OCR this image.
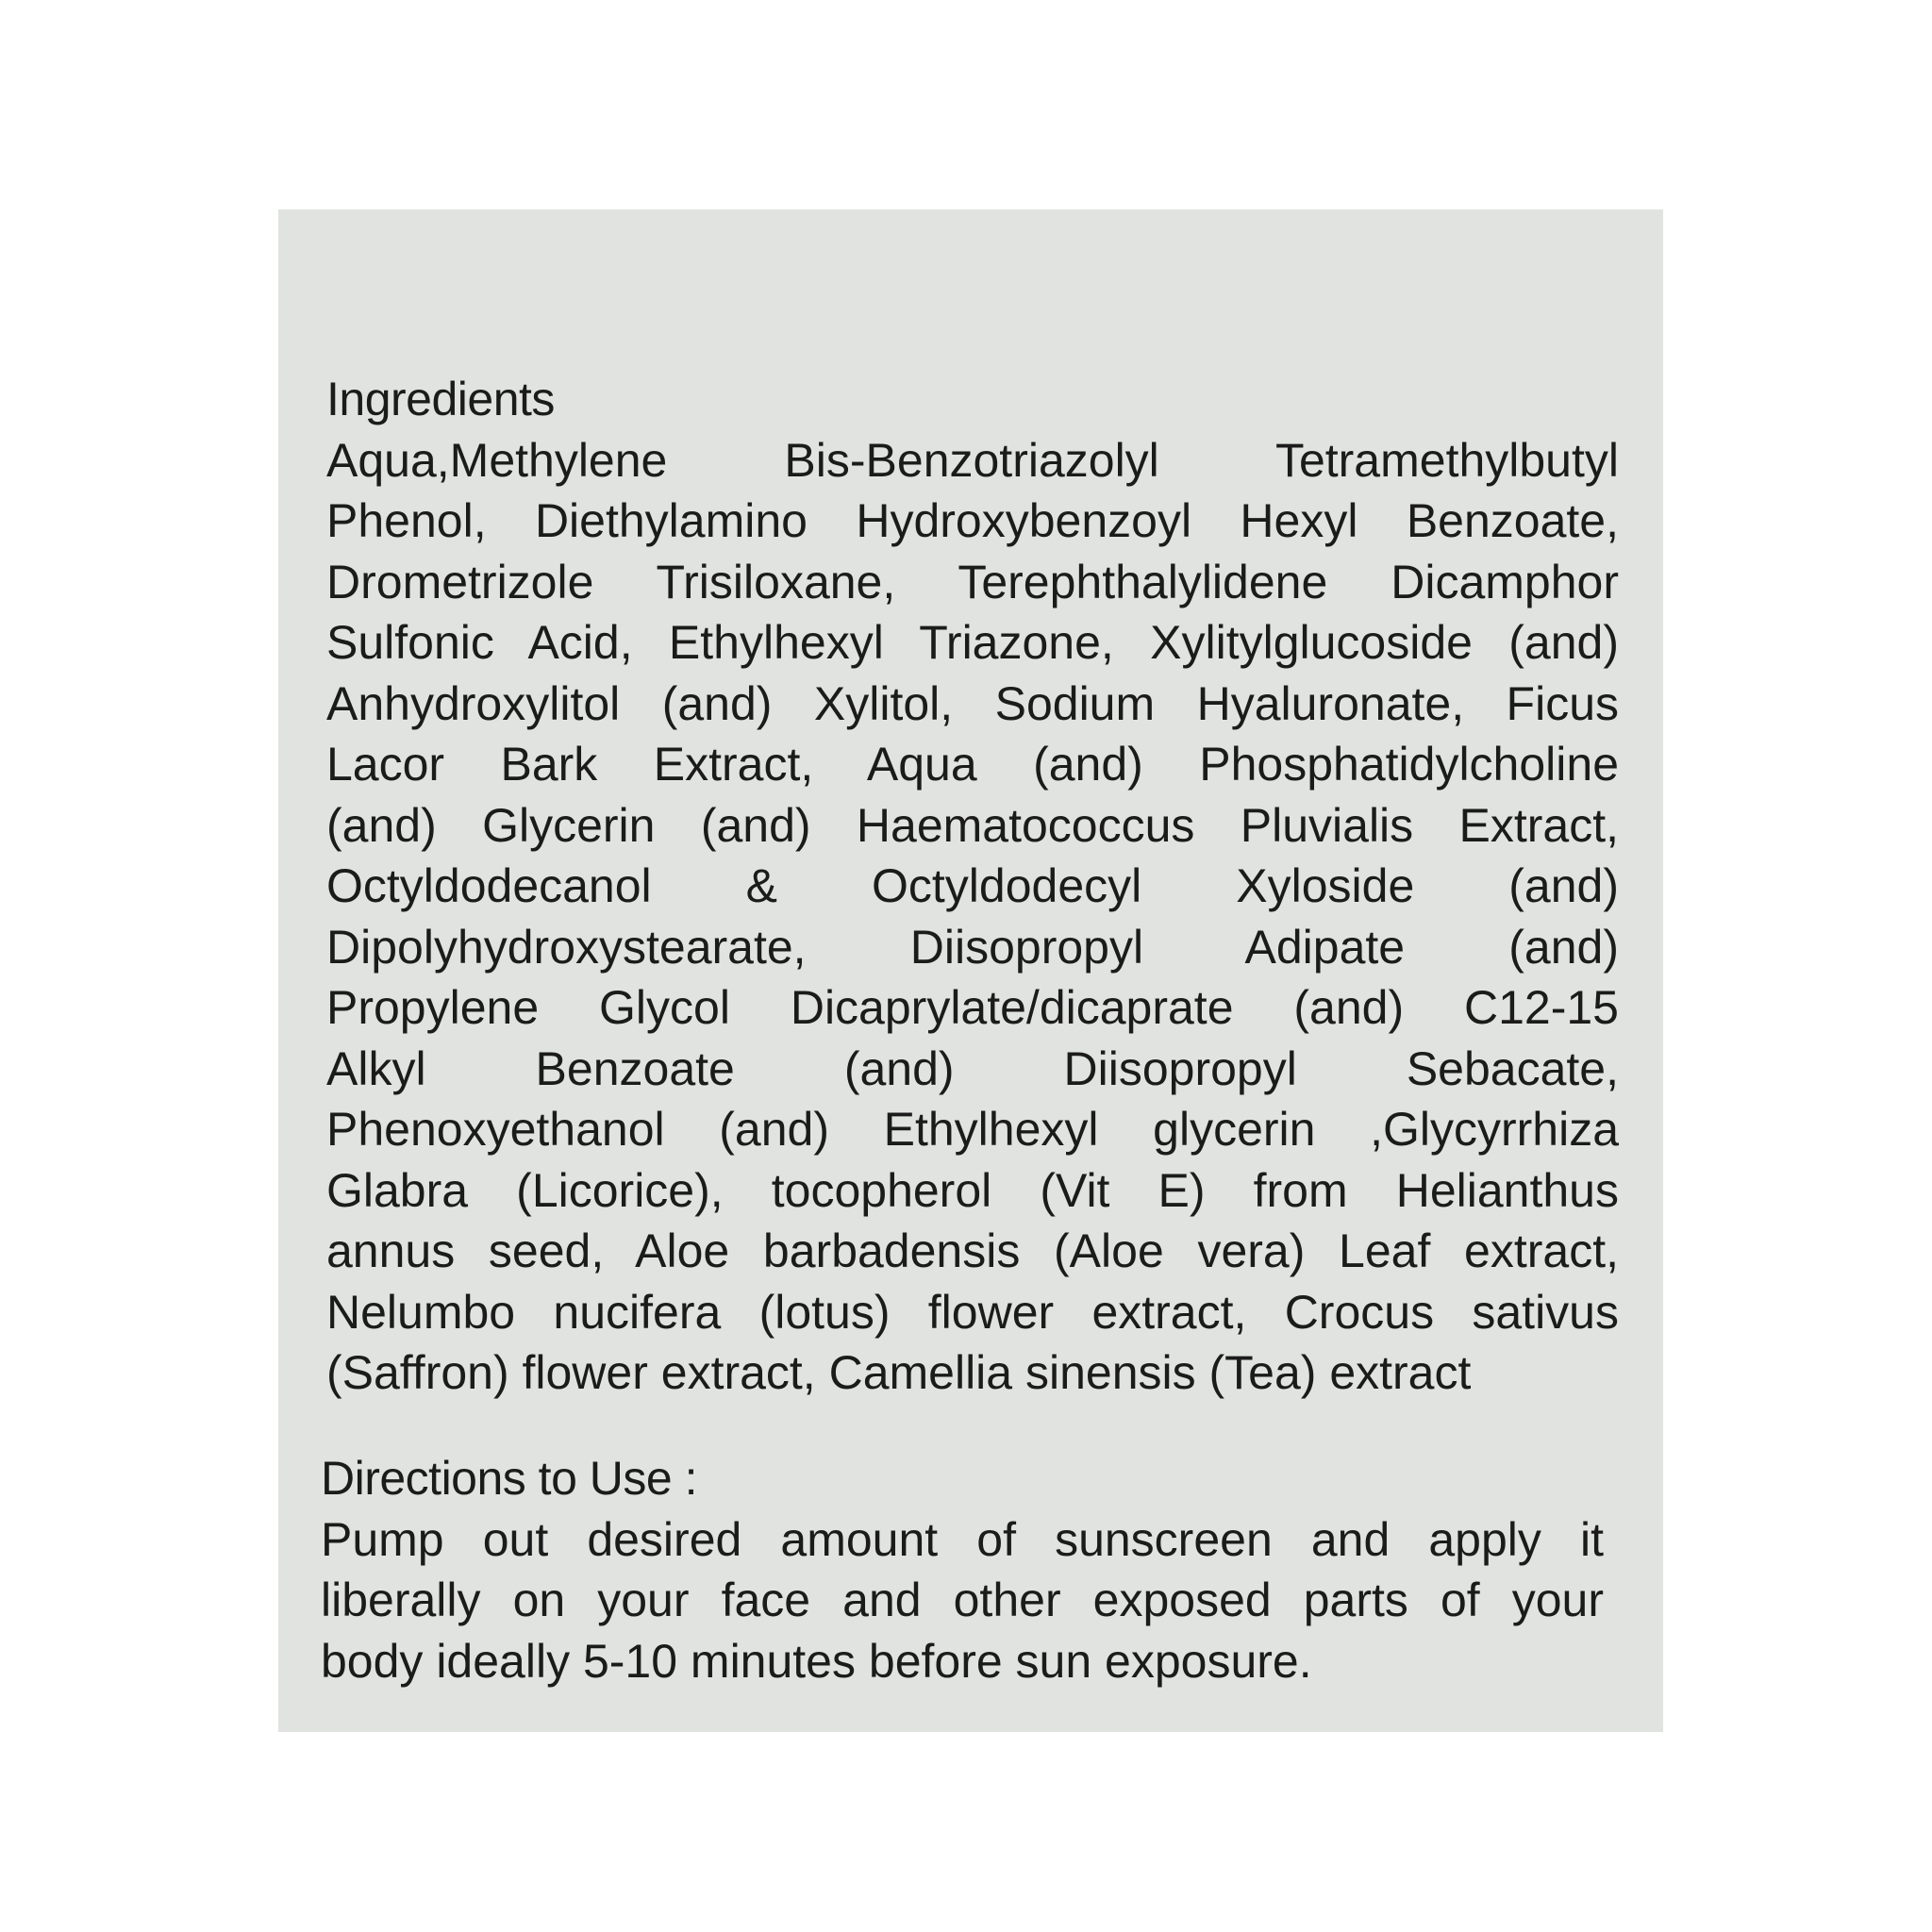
Ingredients
Aqua,Methylene Bis-Benzotriazolyl Tetramethylbutyl
Phenol, Diethylamino Hydroxybenzoyl Hexyl Benzoate,
Drometrizole Trisiloxane, Terephthalylidene Dicamphor
Sulfonic Acid, Ethylhexyl Triazone, Xylitylglucoside (and)
Anhydroxylitol (and) Xylitol, Sodium Hyaluronate, Ficus
Lacor Bark Extract, Aqua (and) Phosphatidylcholine
(and) Glycerin (and) Haematococcus Pluvialis Extract,
Octyldodecanol & Octyldodecyl Xyloside (and)
Dipolyhydroxystearate, Diisopropyl Adipate (and)
Propylene Glycol Dicaprylate/dicaprate (and) C12-15
Alkyl Benzoate (and) Diisopropyl Sebacate,
Phenoxyethanol (and) Ethylhexyl glycerin ,Glycyrrhiza
Glabra (Licorice), tocopherol (Vit E) from Helianthus
annus seed, Aloe barbadensis (Aloe vera) Leaf extract,
Nelumbo nucifera (lotus) flower extract, Crocus sativus
(Saffron) flower extract, Camellia sinensis (Tea) extract
Directions to Use :
Pump out desired amount of sunscreen and apply it
liberally on your face and other exposed parts of your
body ideally 5-10 minutes before sun exposure.
